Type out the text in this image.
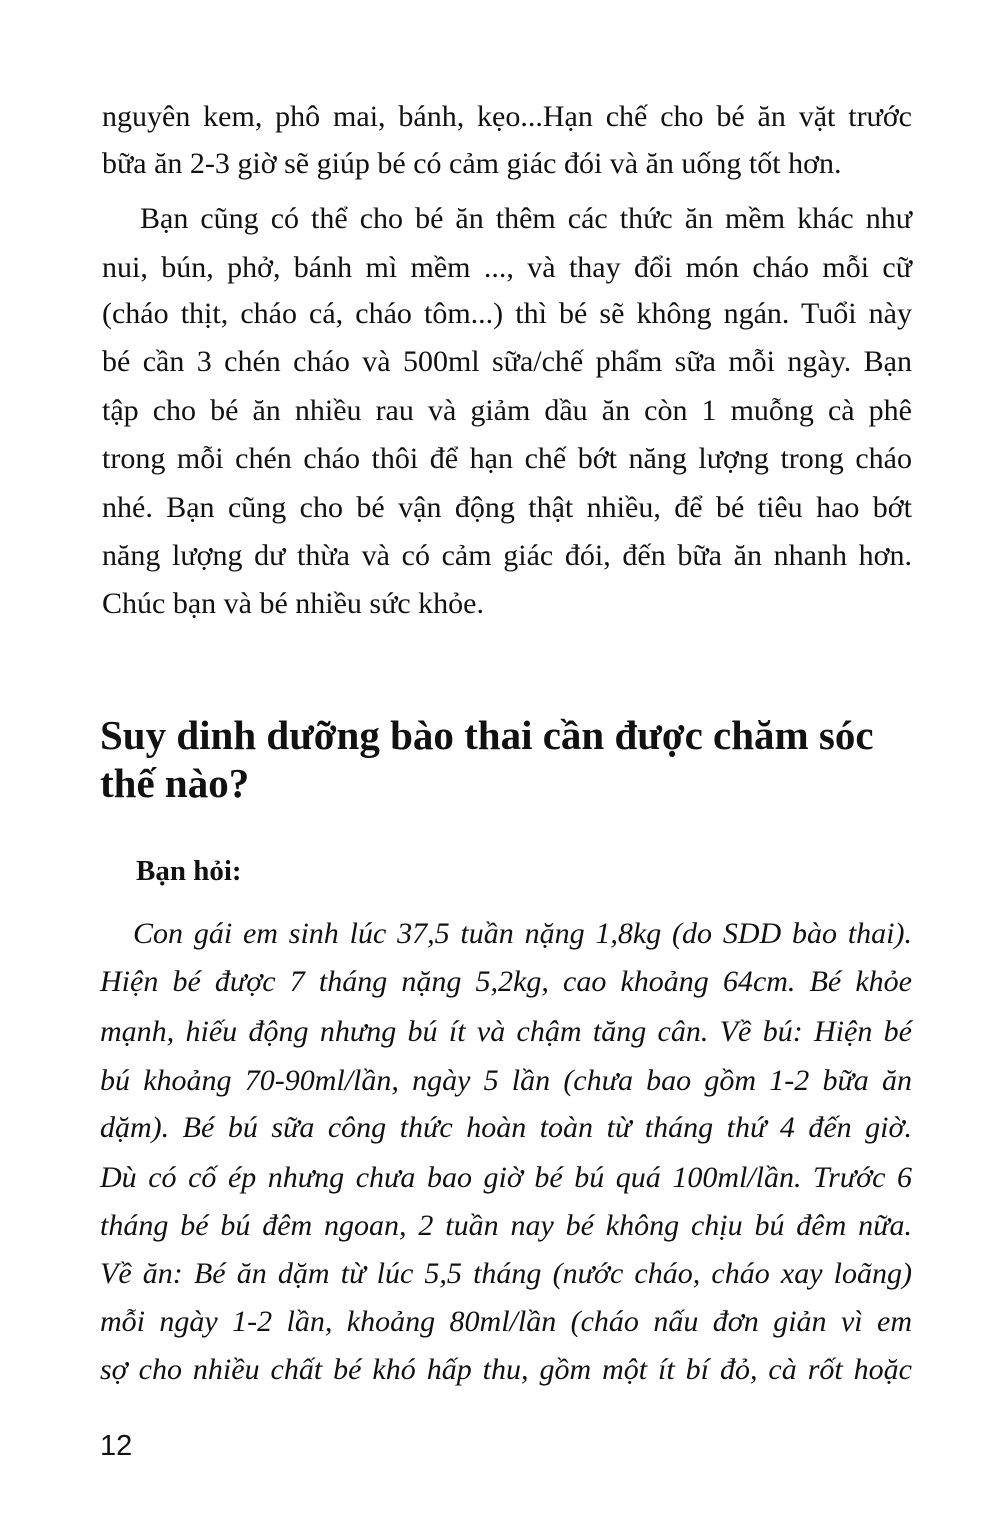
nguyên kem, phô mai, bánh, kẹo...Hạn chế cho bé ăn vặt trước
bữa ăn 2-3 giờ sẽ giúp bé có cảm giác đói và ăn uống tốt hơn.
Bạn cũng có thể cho bé ăn thêm các thức ăn mềm khác như
nui, bún, phở, bánh mì mềm ..., và thay đổi món cháo mỗi cữ
(cháo thịt, cháo cá, cháo tôm...) thì bé sẽ không ngán. Tuổi này
bé cần 3 chén cháo và 500ml sữa/chế phẩm sữa mỗi ngày. Bạn
tập cho bé ăn nhiều rau và giảm dầu ăn còn 1 muỗng cà phê
trong mỗi chén cháo thôi để hạn chế bớt năng lượng trong cháo
nhé. Bạn cũng cho bé vận động thật nhiều, để bé tiêu hao bớt
năng lượng dư thừa và có cảm giác đói, đến bữa ăn nhanh hơn.
Chúc bạn và bé nhiều sức khỏe.
Suy dinh dưỡng bào thai cần được chăm sóc
thế nào?
Bạn hỏi:
Con gái em sinh lúc 37,5 tuần nặng 1,8kg (do SDD bào thai).
Hiện bé được 7 tháng nặng 5,2kg, cao khoảng 64cm. Bé khỏe
mạnh, hiếu động nhưng bú ít và chậm tăng cân. Về bú: Hiện bé
bú khoảng 70-90ml/lần, ngày 5 lần (chưa bao gồm 1-2 bữa ăn
dặm). Bé bú sữa công thức hoàn toàn từ tháng thứ 4 đến giờ.
Dù có cố ép nhưng chưa bao giờ bé bú quá 100ml/lần. Trước 6
tháng bé bú đêm ngoan, 2 tuần nay bé không chịu bú đêm nữa.
Về ăn: Bé ăn dặm từ lúc 5,5 tháng (nước cháo, cháo xay loãng)
mỗi ngày 1-2 lần, khoảng 80ml/lần (cháo nấu đơn giản vì em
sợ cho nhiều chất bé khó hấp thu, gồm một ít bí đỏ, cà rốt hoặc
12
